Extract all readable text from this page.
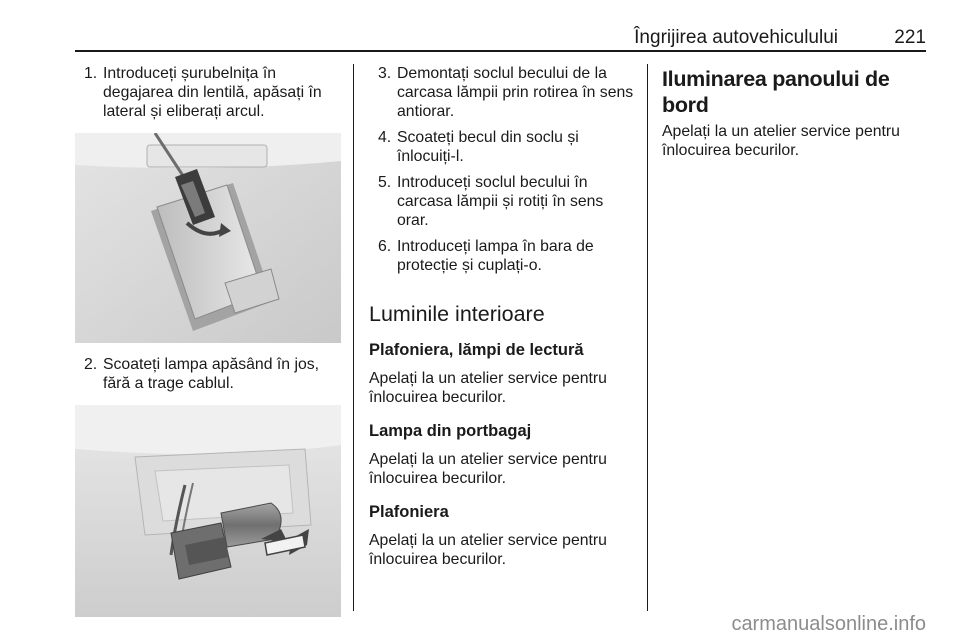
Îngrijirea autovehiculului	221
1. Introduceți șurubelnița în degajarea din lentilă, apăsați în lateral și eliberați arcul.
2. Scoateți lampa apăsând în jos, fără a trage cablul.
3. Demontați soclul becului de la carcasa lămpii prin rotirea în sens antiorar.
4. Scoateți becul din soclu și înlocuiți-l.
5. Introduceți soclul becului în carcasa lămpii și rotiți în sens orar.
6. Introduceți lampa în bara de protecție și cuplați-o.
Luminile interioare
Plafoniera, lămpi de lectură

Apelați la un atelier service pentru înlocuirea becurilor.

Lampa din portbagaj

Apelați la un atelier service pentru înlocuirea becurilor.

Plafoniera

Apelați la un atelier service pentru înlocuirea becurilor.

Iluminarea panoului de bord

Apelați la un atelier service pentru înlocuirea becurilor.

carmanualsonline.info
